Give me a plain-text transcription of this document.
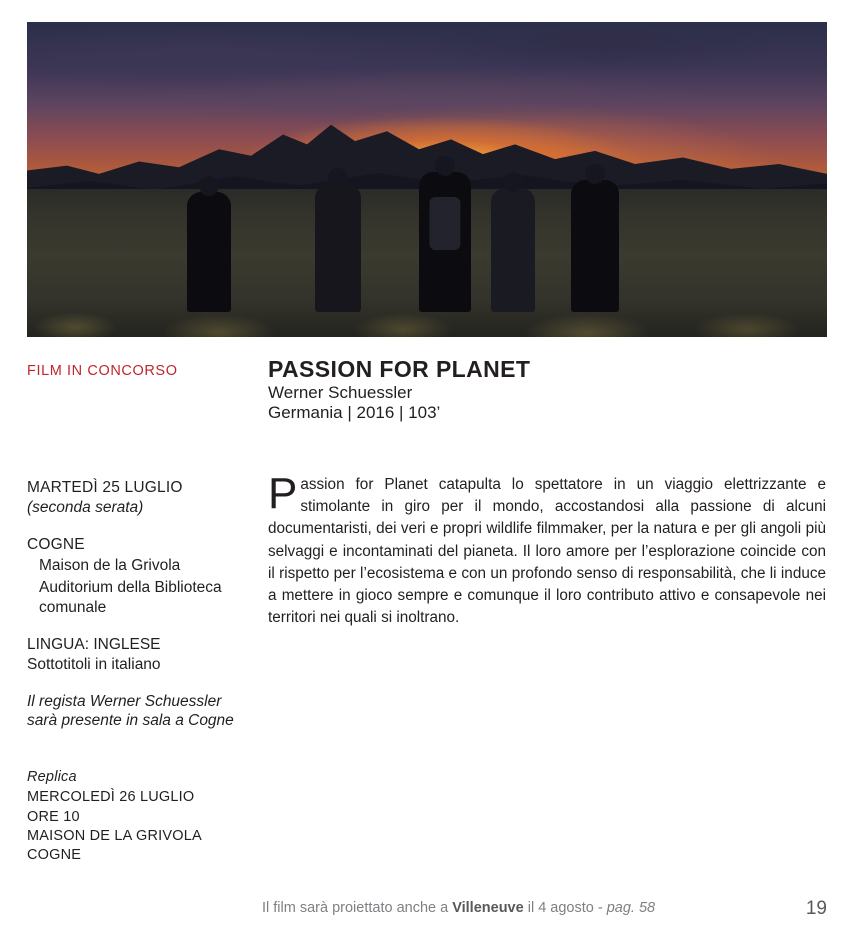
FILM IN CONCORSO	PASSION FOR PLANET
Werner Schuessler
Germania | 2016 | 103’
Passion for Planet catapulta lo spettatore in un viaggio elettrizzante e stimolante in giro per il mondo, accostandosi alla passione di alcuni documentaristi, dei veri e propri wildlife filmmaker, per la natura e per gli angoli più selvaggi e incontaminati del pianeta. Il loro amore per l’esplorazione coincide con il rispetto per l’ecosistema e con un profondo senso di responsabilità, che li induce a mettere in gioco sempre e comunque il loro contributo attivo e consapevole nei territori nei quali si inoltrano.
MARTEDÌ 25 LUGLIO
(seconda serata)
COGNE
Maison de la Grivola
Auditorium della Biblioteca comunale
LINGUA: INGLESE
Sottotitoli in italiano
Il regista Werner Schuessler
sarà presente in sala a Cogne
Replica
MERCOLEDÌ 26 LUGLIO
ORE 10
MAISON DE LA GRIVOLA
COGNE
Il film sarà proiettato anche a Villeneuve il 4 agosto - pag. 58	19
